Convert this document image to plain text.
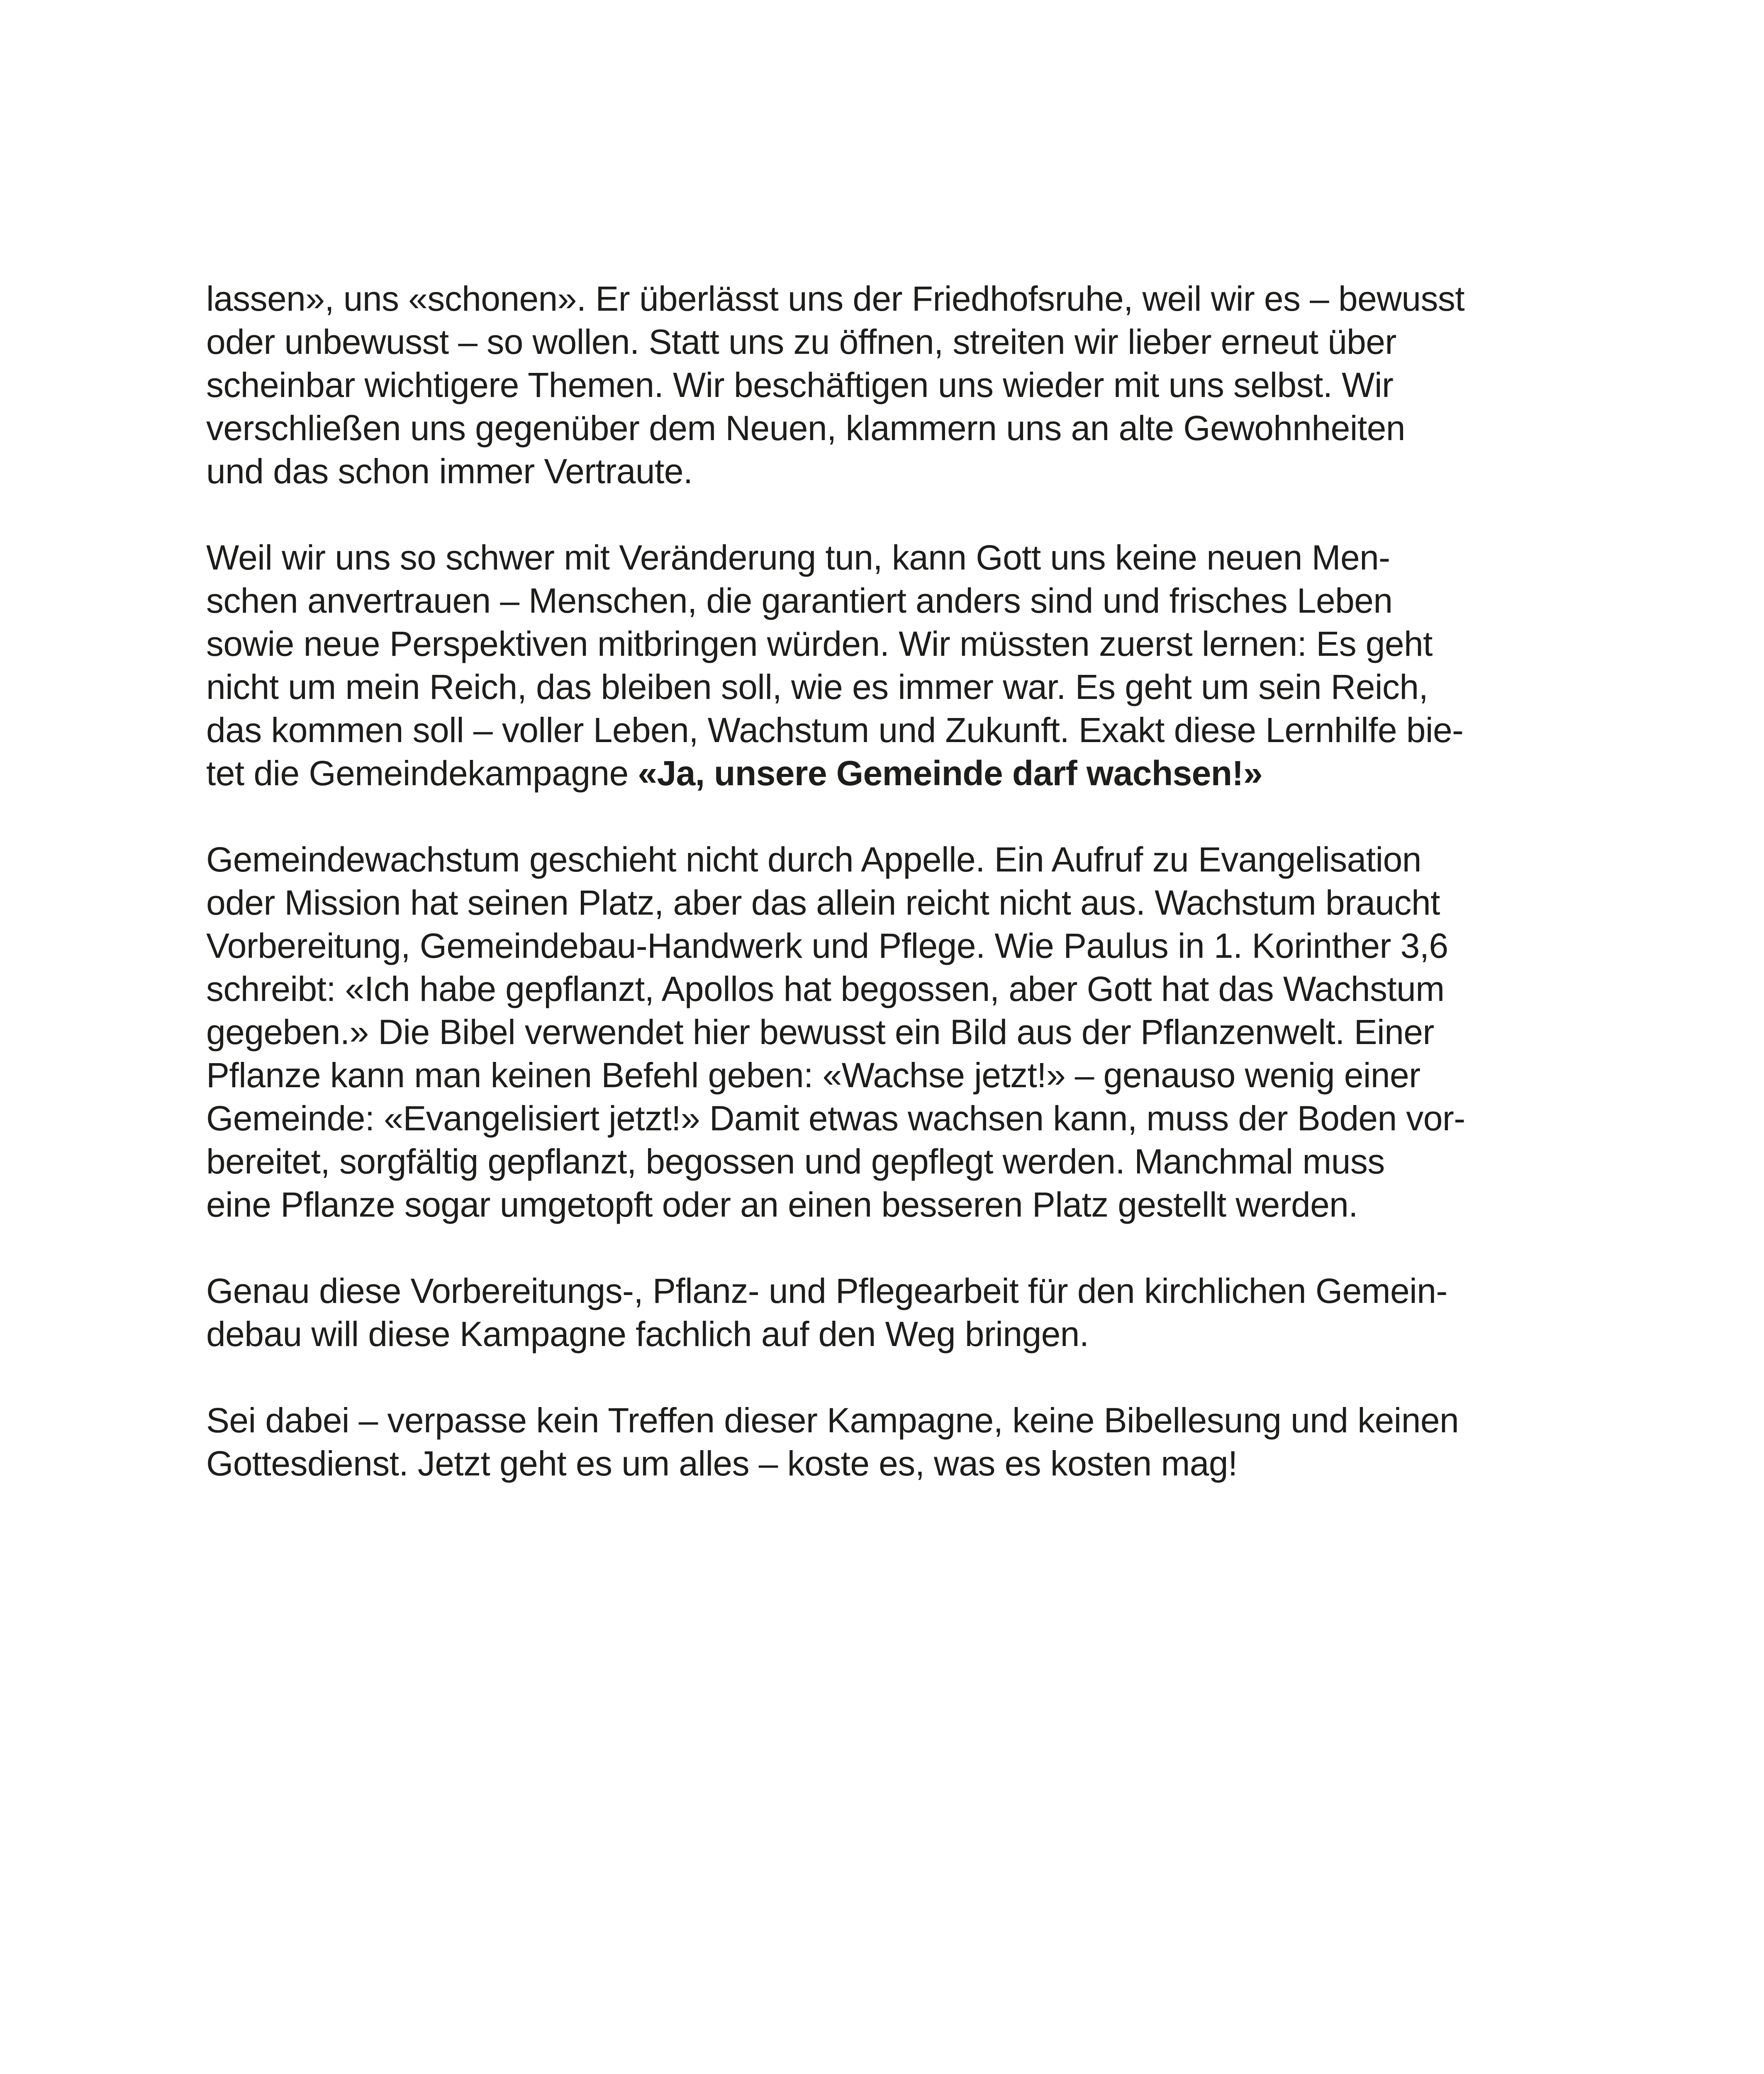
lassen», uns «schonen». Er überlässt uns der Friedhofsruhe, weil wir es – bewusst
oder unbewusst – so wollen. Statt uns zu öffnen, streiten wir lieber erneut über
scheinbar wichtigere Themen. Wir beschäftigen uns wieder mit uns selbst. Wir
verschließen uns gegenüber dem Neuen, klammern uns an alte Gewohnheiten
und das schon immer Vertraute.
Weil wir uns so schwer mit Veränderung tun, kann Gott uns keine neuen Men-
schen anvertrauen – Menschen, die garantiert anders sind und frisches Leben
sowie neue Perspektiven mitbringen würden. Wir müssten zuerst lernen: Es geht
nicht um mein Reich, das bleiben soll, wie es immer war. Es geht um sein Reich,
das kommen soll – voller Leben, Wachstum und Zukunft. Exakt diese Lernhilfe bie-
tet die Gemeindekampagne «Ja, unsere Gemeinde darf wachsen!»
Gemeindewachstum geschieht nicht durch Appelle. Ein Aufruf zu Evangelisation
oder Mission hat seinen Platz, aber das allein reicht nicht aus. Wachstum braucht
Vorbereitung, Gemeindebau-Handwerk und Pflege. Wie Paulus in 1. Korinther 3,6
schreibt: «Ich habe gepflanzt, Apollos hat begossen, aber Gott hat das Wachstum
gegeben.» Die Bibel verwendet hier bewusst ein Bild aus der Pflanzenwelt. Einer
Pflanze kann man keinen Befehl geben: «Wachse jetzt!» – genauso wenig einer
Gemeinde: «Evangelisiert jetzt!» Damit etwas wachsen kann, muss der Boden vor-
bereitet, sorgfältig gepflanzt, begossen und gepflegt werden. Manchmal muss
eine Pflanze sogar umgetopft oder an einen besseren Platz gestellt werden.
Genau diese Vorbereitungs-, Pflanz- und Pflegearbeit für den kirchlichen Gemein-
debau will diese Kampagne fachlich auf den Weg bringen.
Sei dabei – verpasse kein Treffen dieser Kampagne, keine Bibellesung und keinen
Gottesdienst. Jetzt geht es um alles – koste es, was es kosten mag!
